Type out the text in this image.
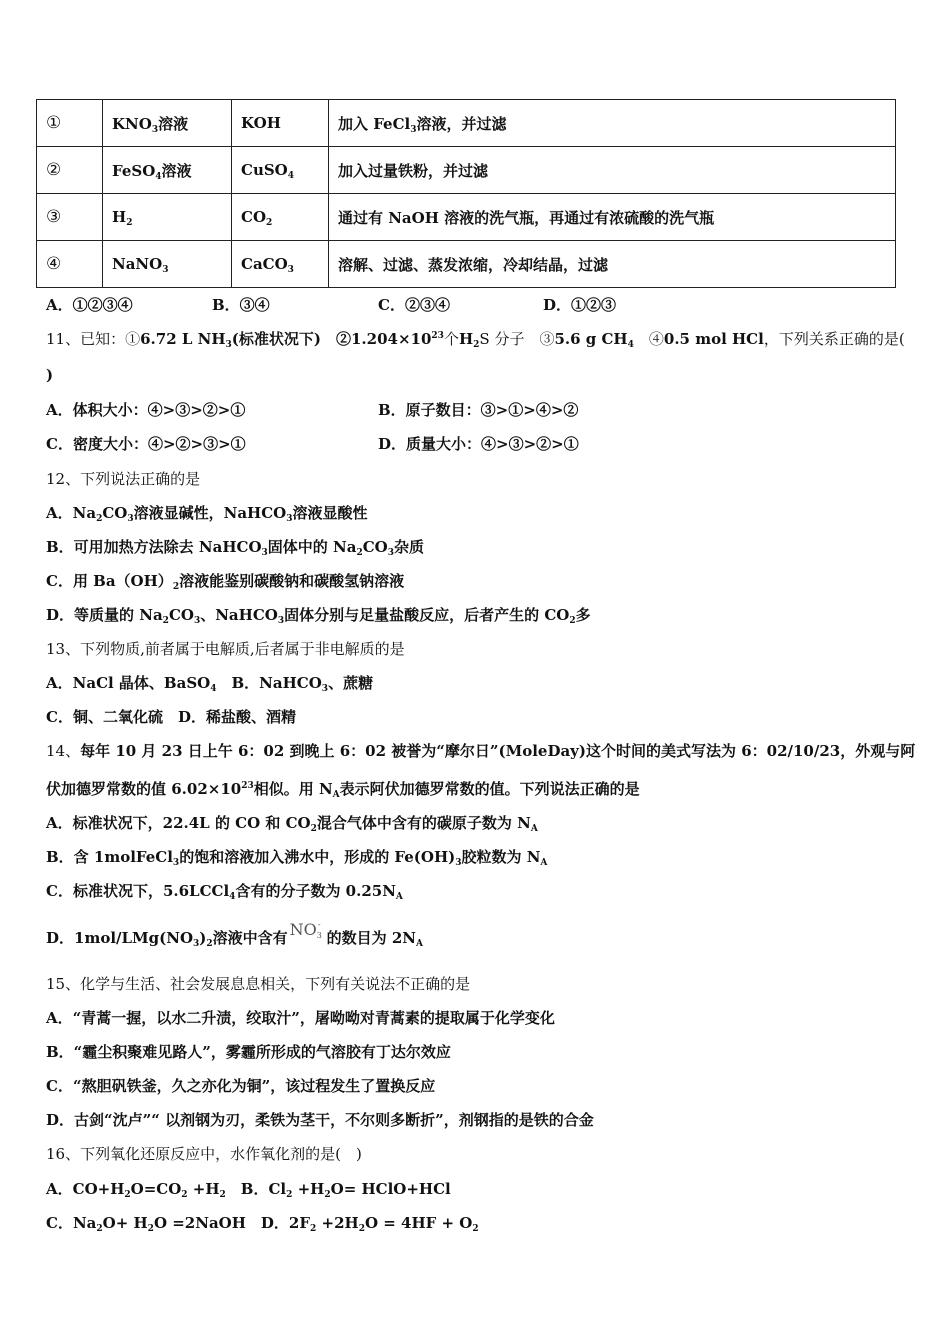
①	$KNO_3$溶液	KOH	加入 FeCl$_3$溶液，并过滤
②	FeSO$_4$溶液	CuSO$_4$	加入过量铁粉，并过滤
③	$H_2$	$CO_2$	通过有 NaOH 溶液的洗气瓶，再通过有浓硫酸的洗气瓶
④	NaNO$_3$	CaCO$_3$	溶解、过滤、蒸发浓缩，冷却结晶，过滤
A．①②③④	B．③④	C．②③④	D．①②③
11、已知：①6.72 L $NH_3$(标准状况下)　$②1.204\times 10^{23}$个$H_2S$ 分子　③5.6 g $CH_4$　④0.5 mol HCl，下列关系正确的是(
)
A．体积大小：④>③>②>①	B．原子数目：③>①>④>②
C．密度大小：④>②>③>①	D．质量大小：④>③>②>①
12、下列说法正确的是
A．$Na_2CO_3$溶液显碱性，NaHCO$_3$溶液显酸性
B．可用加热方法除去 NaHCO$_3$固体中的 $Na_2CO_3$杂质
C．用 $Ba(OH)_2$溶液能鉴别碳酸钠和碳酸氢钠溶液
D．等质量的 $Na_2CO_3$、NaHCO$_3$固体分别与足量盐酸反应，后者产生的 $CO_2$多
13、下列物质,前者属于电解质,后者属于非电解质的是
A．NaCl 晶体、BaSO$_4$　B．NaHCO$_3$、蔗糖
C．铜、二氧化硫　D．稀盐酸、酒精
14、每年 10 月 23 日上午 6：02 到晚上 6：02 被誉为“摩尔日”(MoleDay)这个时间的美式写法为 6：02/10/23，外观与阿
伏加德罗常数的值 $6.02\times 10^{23}$相似。用 $N_A$表示阿伏加德罗常数的值。下列说法正确的是
A．标准状况下，22.4L 的 CO 和 $CO_2$混合气体中含有的碳原子数为 $N_A$
B．含 1molFeCl$_3$的饱和溶液加入沸水中，形成的 $Fe(OH)_3$胶粒数为 $N_A$
C．标准状况下，5.6LCCl$_4$含有的分子数为 $0.25N_A$
D．$1mol/LMg(NO_3)_2$溶液中含有 NO3-的数目为 $2N_A$
15、化学与生活、社会发展息息相关，下列有关说法不正确的是
A．“青蒿一握，以水二升渍，绞取汁”，屠呦呦对青蒿素的提取属于化学变化
B．“霾尘积聚难见路人”，雾霾所形成的气溶胶有丁达尔效应
C．“熬胆矾铁釜，久之亦化为铜”，该过程发生了置换反应
D．古剑“沈卢”“ 以剂钢为刃，柔铁为茎干，不尔则多断折”，剂钢指的是铁的合金
16、下列氧化还原反应中，水作氧化剂的是(　)
A．$CO+H_2O=CO_2 +H_2$　B．$Cl_2 +H_2O=$ HClO+HCl
C．$Na_2O+ H_2O$ =2NaOH　D．$2F_2 +2H_2O = 4HF + O_2$
